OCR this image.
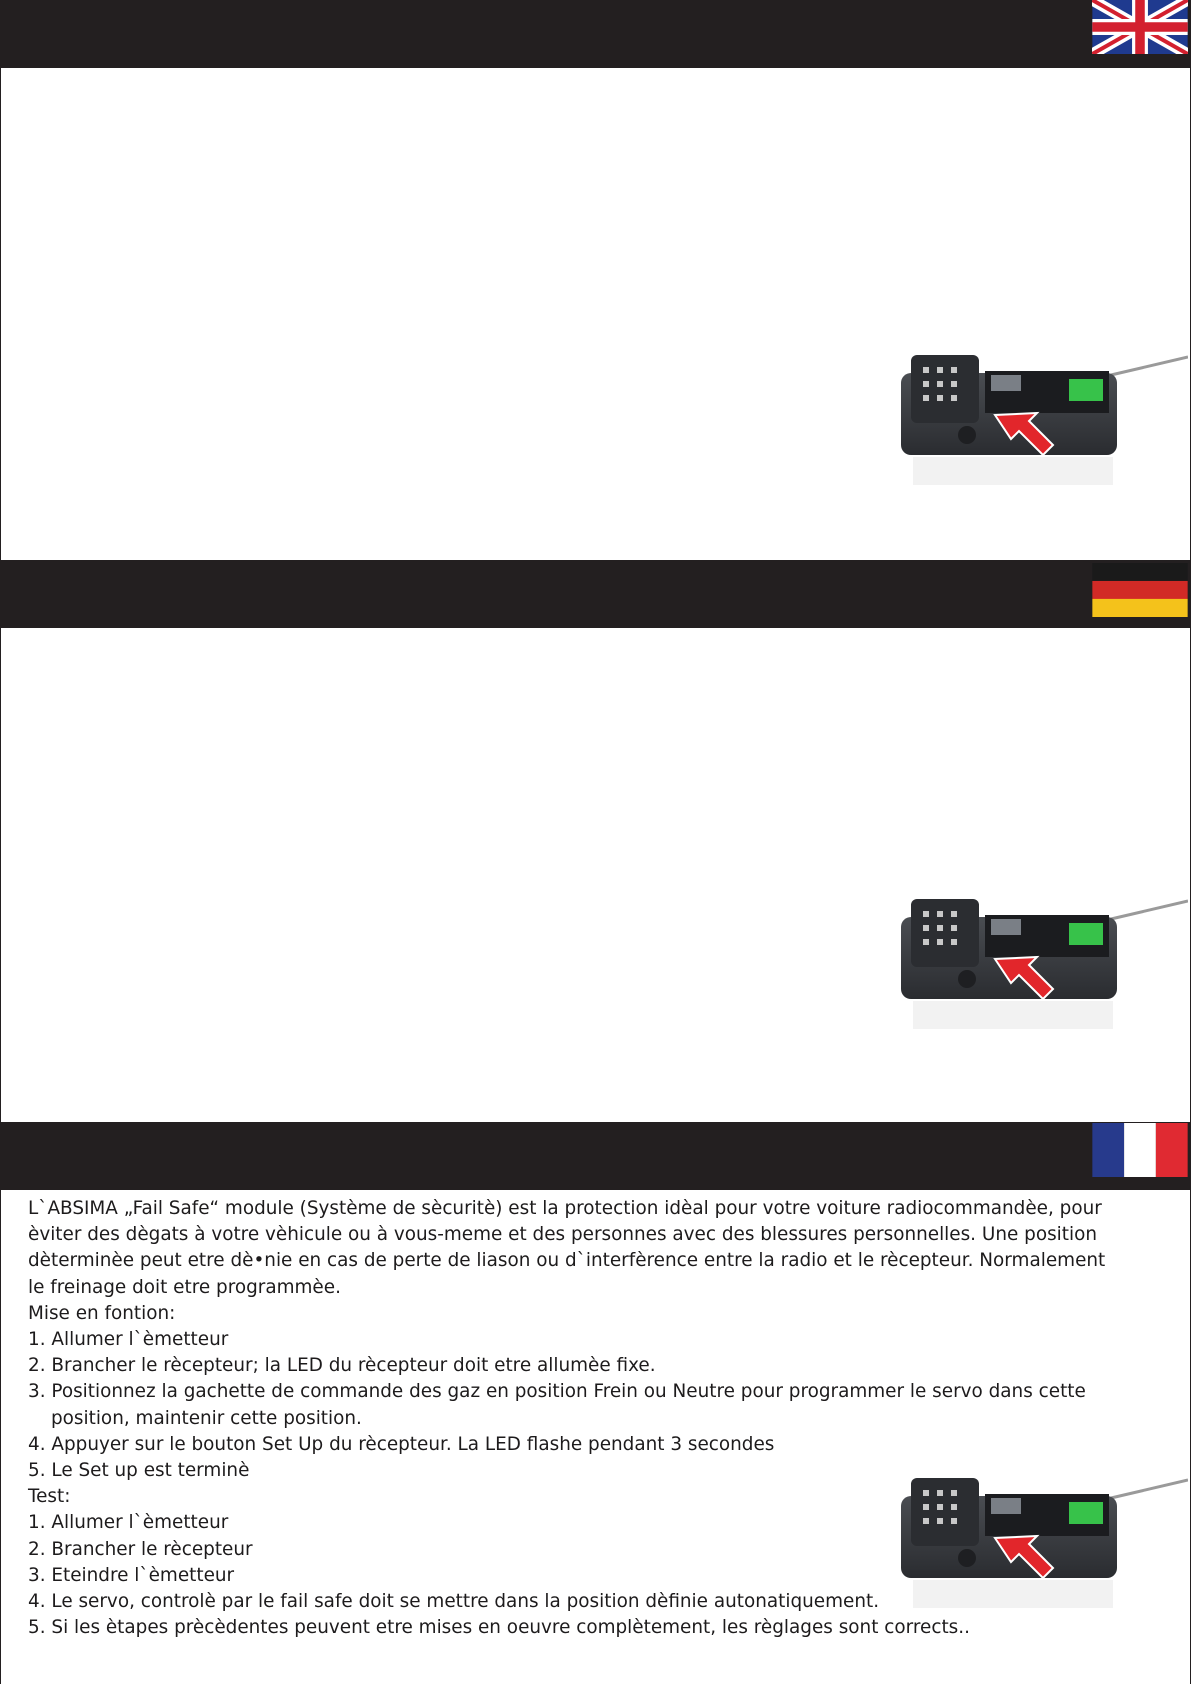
L`ABSIMA „Fail Safe“ module (Système de sècuritè) est la protection idèal pour votre voiture radiocommandèe, pour èviter des dègats à votre vèhicule ou à vous-meme et des personnes avec des blessures personnelles. Une position dèterminèe peut etre dè•nie en cas de perte de liason ou d`interfèrence entre la radio et le rècepteur. Normalement le freinage doit etre programmèe.

Mise en fontion:

1. Allumer l`èmetteur

2. Brancher le rècepteur; la LED du rècepteur doit etre allumèe fixe.

3. Positionnez la gachette de commande des gaz en position Frein ou Neutre pour programmer le servo dans cette position, maintenir cette position.

4. Appuyer sur le bouton Set Up du rècepteur. La LED flashe pendant 3 secondes

5. Le Set up est terminè

Test:

1. Allumer l`èmetteur

2. Brancher le rècepteur

3. Eteindre l`èmetteur

4. Le servo, controlè par le fail safe doit se mettre dans la position dèfinie autonatiquement.

5. Si les ètapes prècèdentes peuvent etre mises en oeuvre complètement, les règlages sont corrects..
